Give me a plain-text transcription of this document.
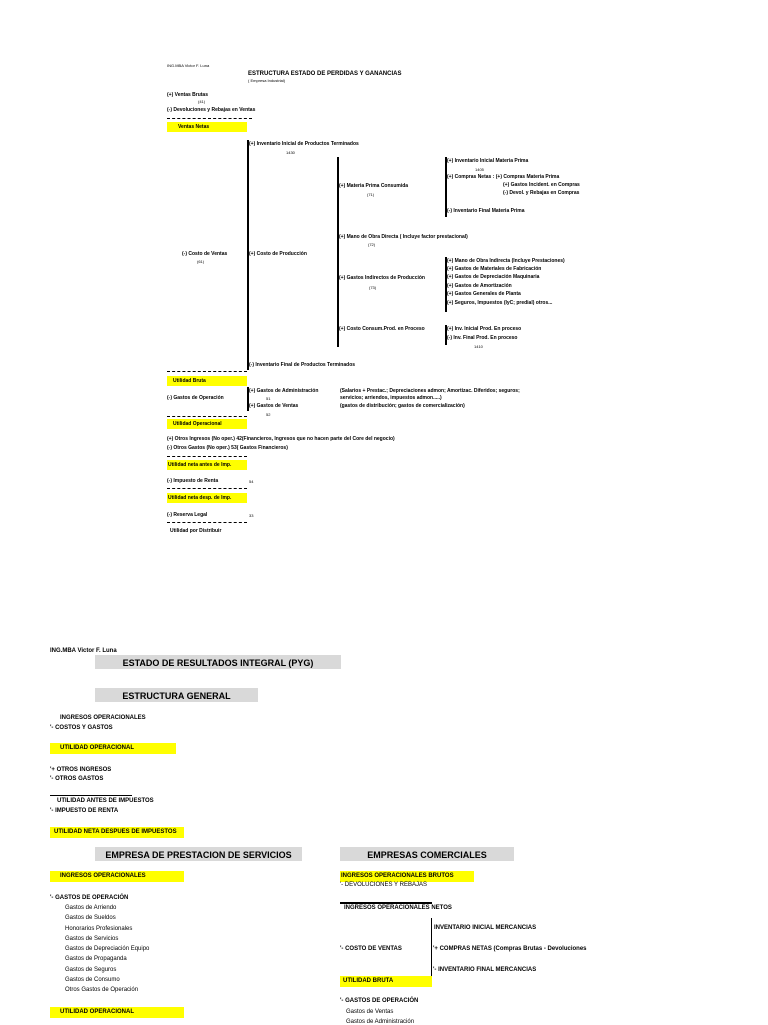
ING.MBA Victor F. Luna
ESTRUCTURA ESTADO DE PERDIDAS Y GANANCIAS
( Empresa Industrial)
(+) Ventas Brutas
(41)
(-) Devoluciones y Rebajas en Ventas
Ventas Netas
(+) Inventario Inicial de Productos Terminados
1430
(+) Inventario Inicial Materia Prima
1405
(+) Compras Netas : (+) Compras Materia Prima
(+) Gastos Incident. en Compras
(-) Devol. y Rebajas en Compras
(+) Materia Prima Consumida
(71)
(-) Inventario Final Materia Prima
(+) Mano de Obra Directa ( Incluye factor prestacional)
(72)
(-) Costo de Ventas
(61)
(+) Costo de Producción
(+) Mano de Obra Indirecta (Incluye Prestaciones)
(+) Gastos de Materiales de Fabricación
(+) Gastos de Depreciación Maquinaria
(+) Gastos de Amortización
(+) Gastos Generales de Planta
(+) Seguros, Impuestos (IyC; predial) otros...
(+) Gastos Indirectos de Producción
(73)
(+) Costo Consum.Prod. en Proceso	(+) Inv. Inicial Prod. En proceso
(-) Inv. Final Prod. En proceso
1410
(-) Inventario Final de Productos Terminados
Utilidad Bruta
(+) Gastos de Administración	(Salarios + Prestac.; Depreciaciones admon; Amortizac. Diferidos; seguros;
servicios; arriendos, impuestos admon.....)
(-) Gastos de Operación	51
(+) Gastos de Ventas	(gastos de distribución; gastos de comercialización)
52
Utilidad Operacional
(+) Otros Ingresos (No oper.) 42(Financieros, Ingresos que no hacen parte del Core del negocio)
(-) Otros Gastos (No oper.) 53( Gastos Financieros)
Utilidad neta antes de Imp.
(-) Impuesto de Renta	54
Utilidad neta desp. de Imp.
(-) Reserva Legal	33
Utilidad por Distribuir
ING.MBA Victor F. Luna
ESTADO DE RESULTADOS INTEGRAL (PYG)
ESTRUCTURA GENERAL
INGRESOS OPERACIONALES
'- COSTOS Y GASTOS
UTILIDAD OPERACIONAL
'+ OTROS INGRESOS
'- OTROS GASTOS
UTILIDAD ANTES DE IMPUESTOS
'- IMPUESTO DE RENTA
UTILIDAD NETA DESPUES DE IMPUESTOS
EMPRESA DE PRESTACION DE SERVICIOS
INGRESOS OPERACIONALES
'- GASTOS DE OPERACIÓN
Gastos de Arriendo
Gastos de Sueldos
Honorarios Profesionales
Gastos de Servicios
Gastos de Depreciación Equipo
Gastos de Propaganda
Gastos de Seguros
Gastos de Consumo
Otros Gastos de Operación
UTILIDAD OPERACIONAL
EMPRESAS COMERCIALES
INGRESOS OPERACIONALES BRUTOS
'- DEVOLUCIONES Y REBAJAS
INGRESOS OPERACIONALES NETOS
INVENTARIO INICIAL MERCANCIAS
'- COSTO DE VENTAS	'+ COMPRAS NETAS (Compras Brutas - Devoluciones
'- INVENTARIO FINAL MERCANCIAS
UTILIDAD BRUTA
'- GASTOS DE OPERACIÓN
Gastos de Ventas
Gastos de Administración
